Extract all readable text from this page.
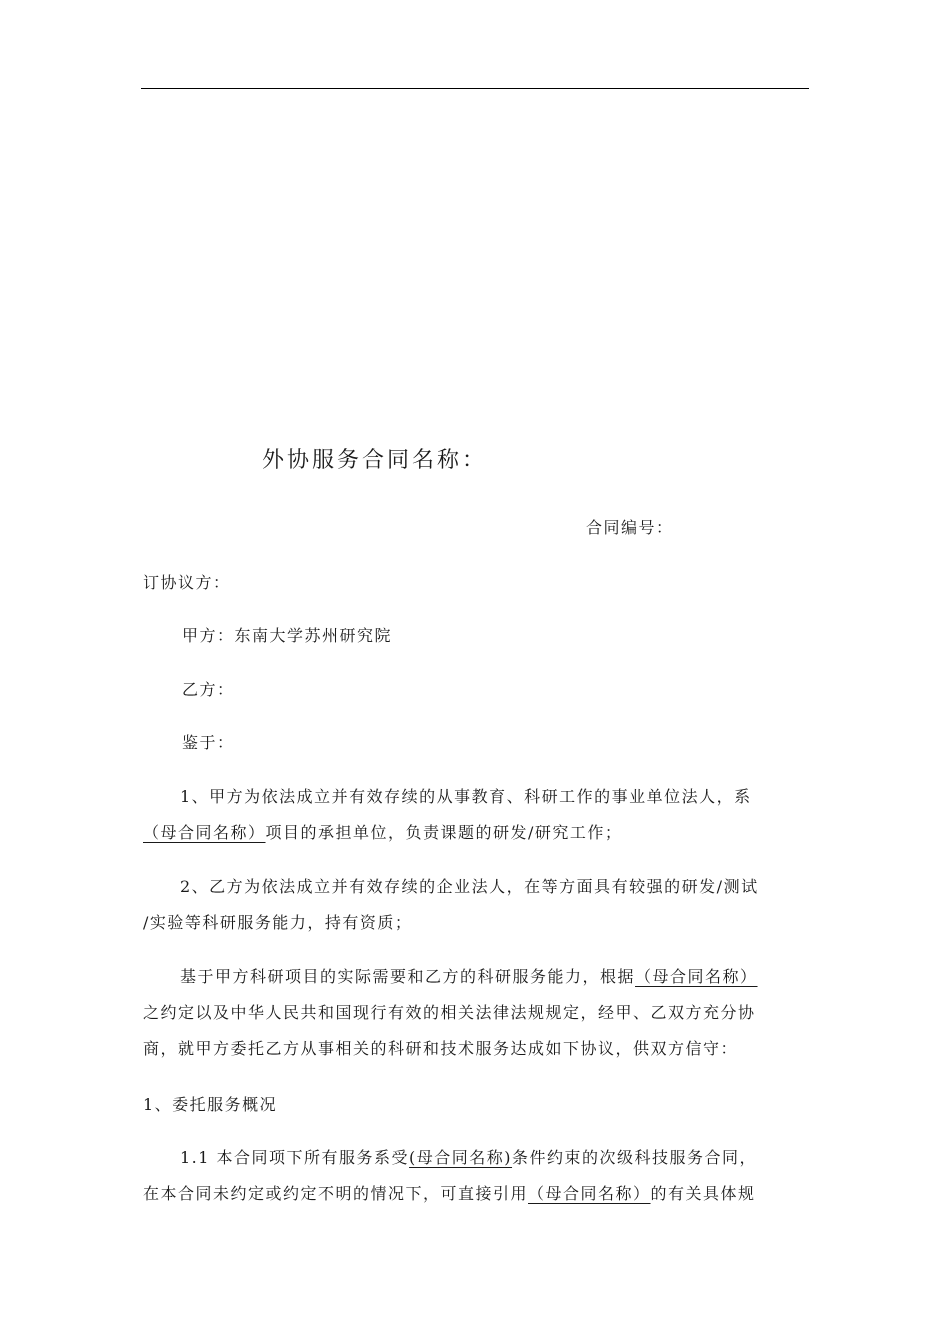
外协服务合同名称：
合同编号：
订协议方：
甲方：东南大学苏州研究院
乙方：
鉴于：
1、甲方为依法成立并有效存续的从事教育、科研工作的事业单位法人，系
（母合同名称）项目的承担单位，负责课题的研发/研究工作；
2、乙方为依法成立并有效存续的企业法人，在等方面具有较强的研发/测试
/实验等科研服务能力，持有资质；
基于甲方科研项目的实际需要和乙方的科研服务能力，根据（母合同名称）
之约定以及中华人民共和国现行有效的相关法律法规规定，经甲、乙双方充分协
商，就甲方委托乙方从事相关的科研和技术服务达成如下协议，供双方信守：
1、委托服务概况
1.1 本合同项下所有服务系受(母合同名称)条件约束的次级科技服务合同，
在本合同未约定或约定不明的情况下，可直接引用（母合同名称）的有关具体规
